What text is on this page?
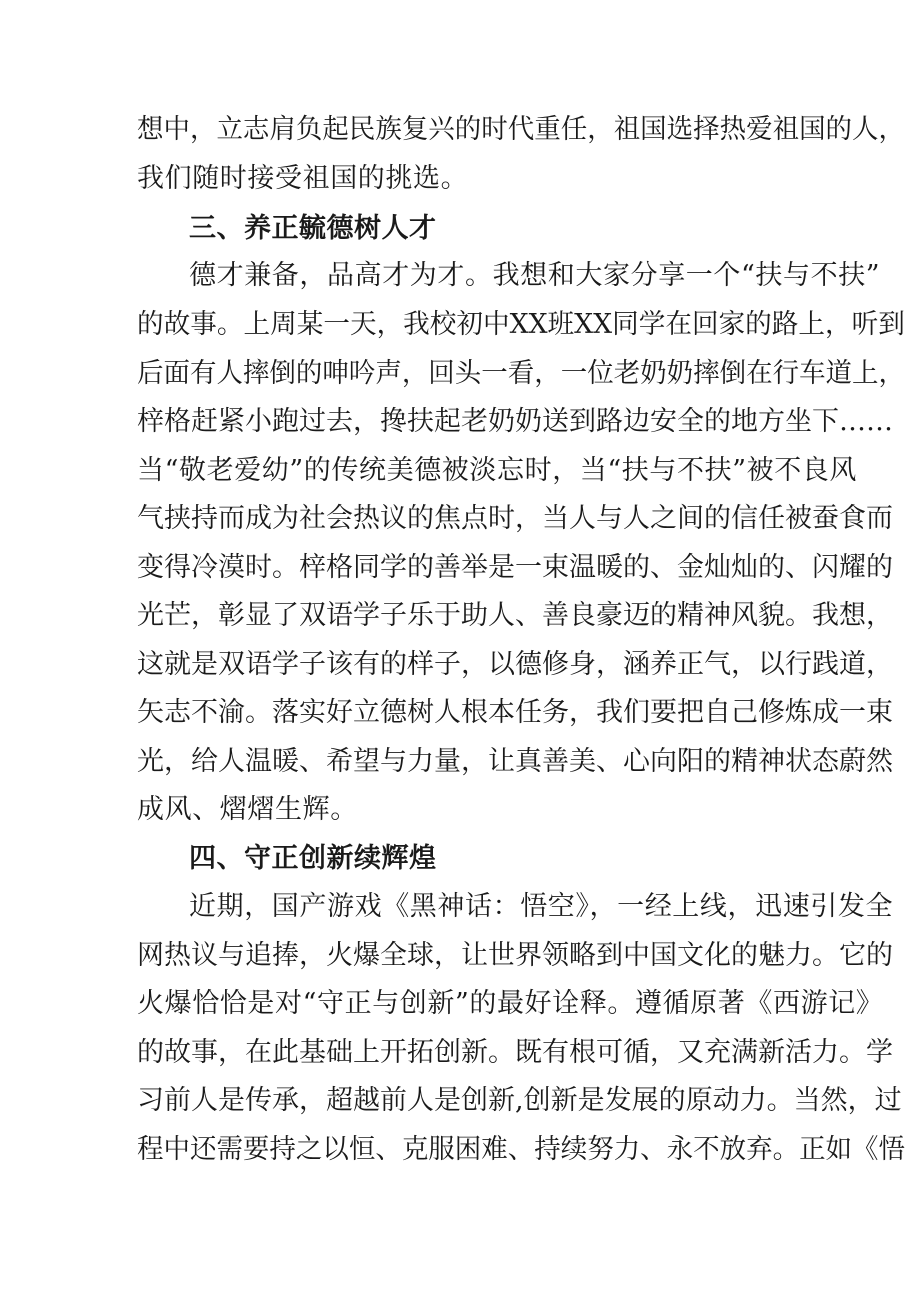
想中，立志肩负起民族复兴的时代重任，祖国选择热爱祖国的人，
我们随时接受祖国的挑选。
三、养正毓德树人才
德才兼备，品高才为才。我想和大家分享一个“扶与不扶”
的故事。上周某一天，我校初中XX班XX同学在回家的路上，听到
后面有人摔倒的呻吟声，回头一看，一位老奶奶摔倒在行车道上，
梓格赶紧小跑过去，搀扶起老奶奶送到路边安全的地方坐下……
当“敬老爱幼”的传统美德被淡忘时，当“扶与不扶”被不良风
气挟持而成为社会热议的焦点时，当人与人之间的信任被蚕食而
变得冷漠时。梓格同学的善举是一束温暖的、金灿灿的、闪耀的
光芒，彰显了双语学子乐于助人、善良豪迈的精神风貌。我想，
这就是双语学子该有的样子，以德修身，涵养正气，以行践道，
矢志不渝。落实好立德树人根本任务，我们要把自己修炼成一束
光，给人温暖、希望与力量，让真善美、心向阳的精神状态蔚然
成风、熠熠生辉。
四、守正创新续辉煌
近期，国产游戏《黑神话：悟空》，一经上线，迅速引发全
网热议与追捧，火爆全球，让世界领略到中国文化的魅力。它的
火爆恰恰是对“守正与创新”的最好诠释。遵循原著《西游记》
的故事，在此基础上开拓创新。既有根可循，又充满新活力。学
习前人是传承，超越前人是创新,创新是发展的原动力。当然，过
程中还需要持之以恒、克服困难、持续努力、永不放弃。正如《悟
